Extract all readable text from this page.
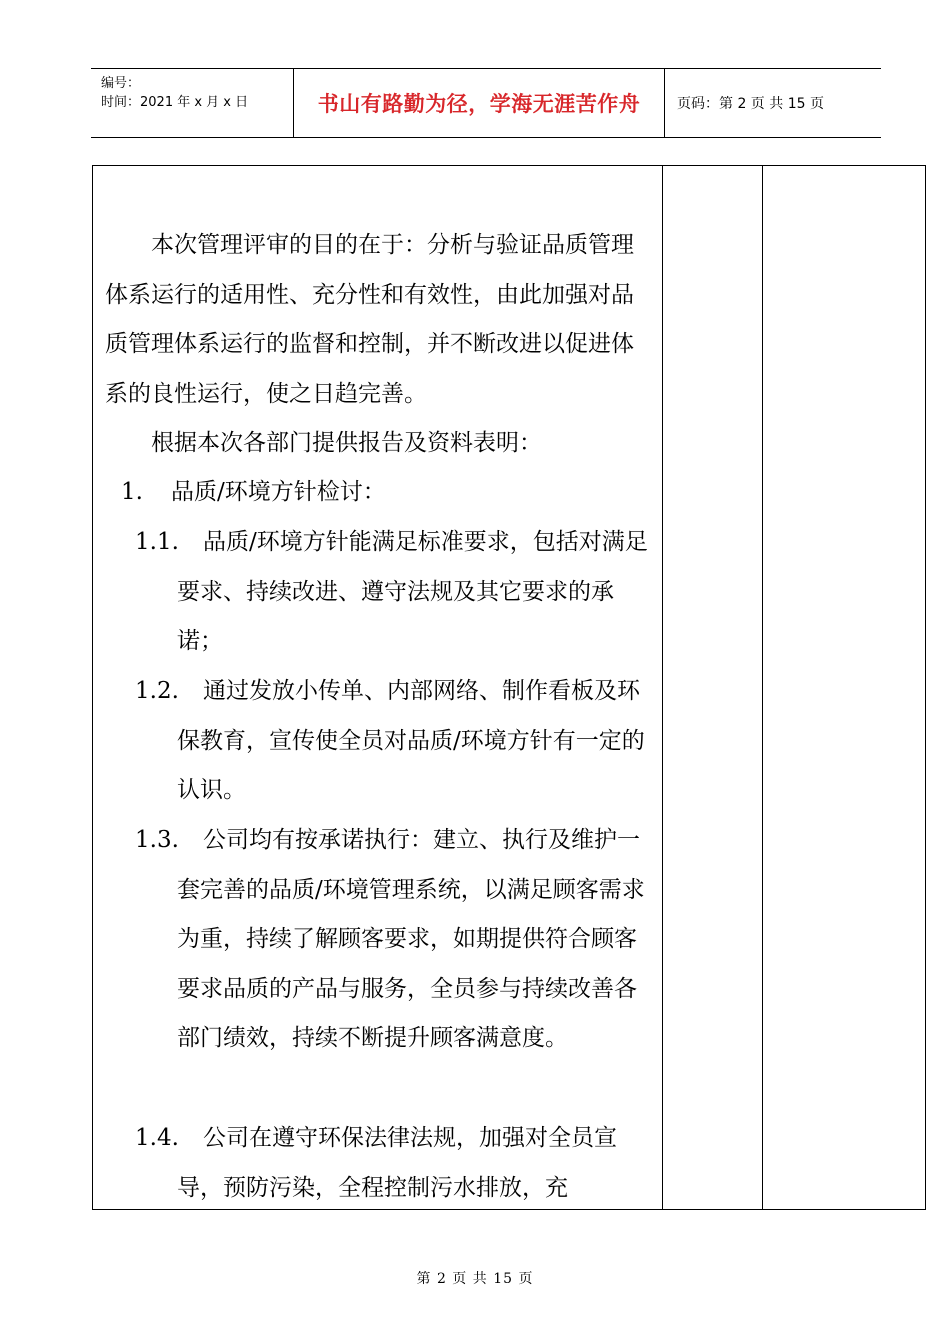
编号：
时间：2021 年 x 月 x 日	书山有路勤为径，学海无涯苦作舟	页码：第 2 页 共 15 页
本次管理评审的目的在于：分析与验证品质管理体系运行的适用性、充分性和有效性，由此加强对品质管理体系运行的监督和控制，并不断改进以促进体系的良性运行，使之日趋完善。
根据本次各部门提供报告及资料表明：
1. 品质/环境方针检讨：
1.1.	品质/环境方针能满足标准要求，包括对满足要求、持续改进、遵守法规及其它要求的承诺；
1.2.	通过发放小传单、内部网络、制作看板及环保教育，宣传使全员对品质/环境方针有一定的认识。
1.3.	公司均有按承诺执行：建立、执行及维护一套完善的品质/环境管理系统，以满足顾客需求为重，持续了解顾客要求，如期提供符合顾客要求品质的产品与服务，全员参与持续改善各部门绩效，持续不断提升顾客满意度。
1.4.	公司在遵守环保法律法规，加强对全员宣导，预防污染，全程控制污水排放，充
第 2 页 共 15 页
